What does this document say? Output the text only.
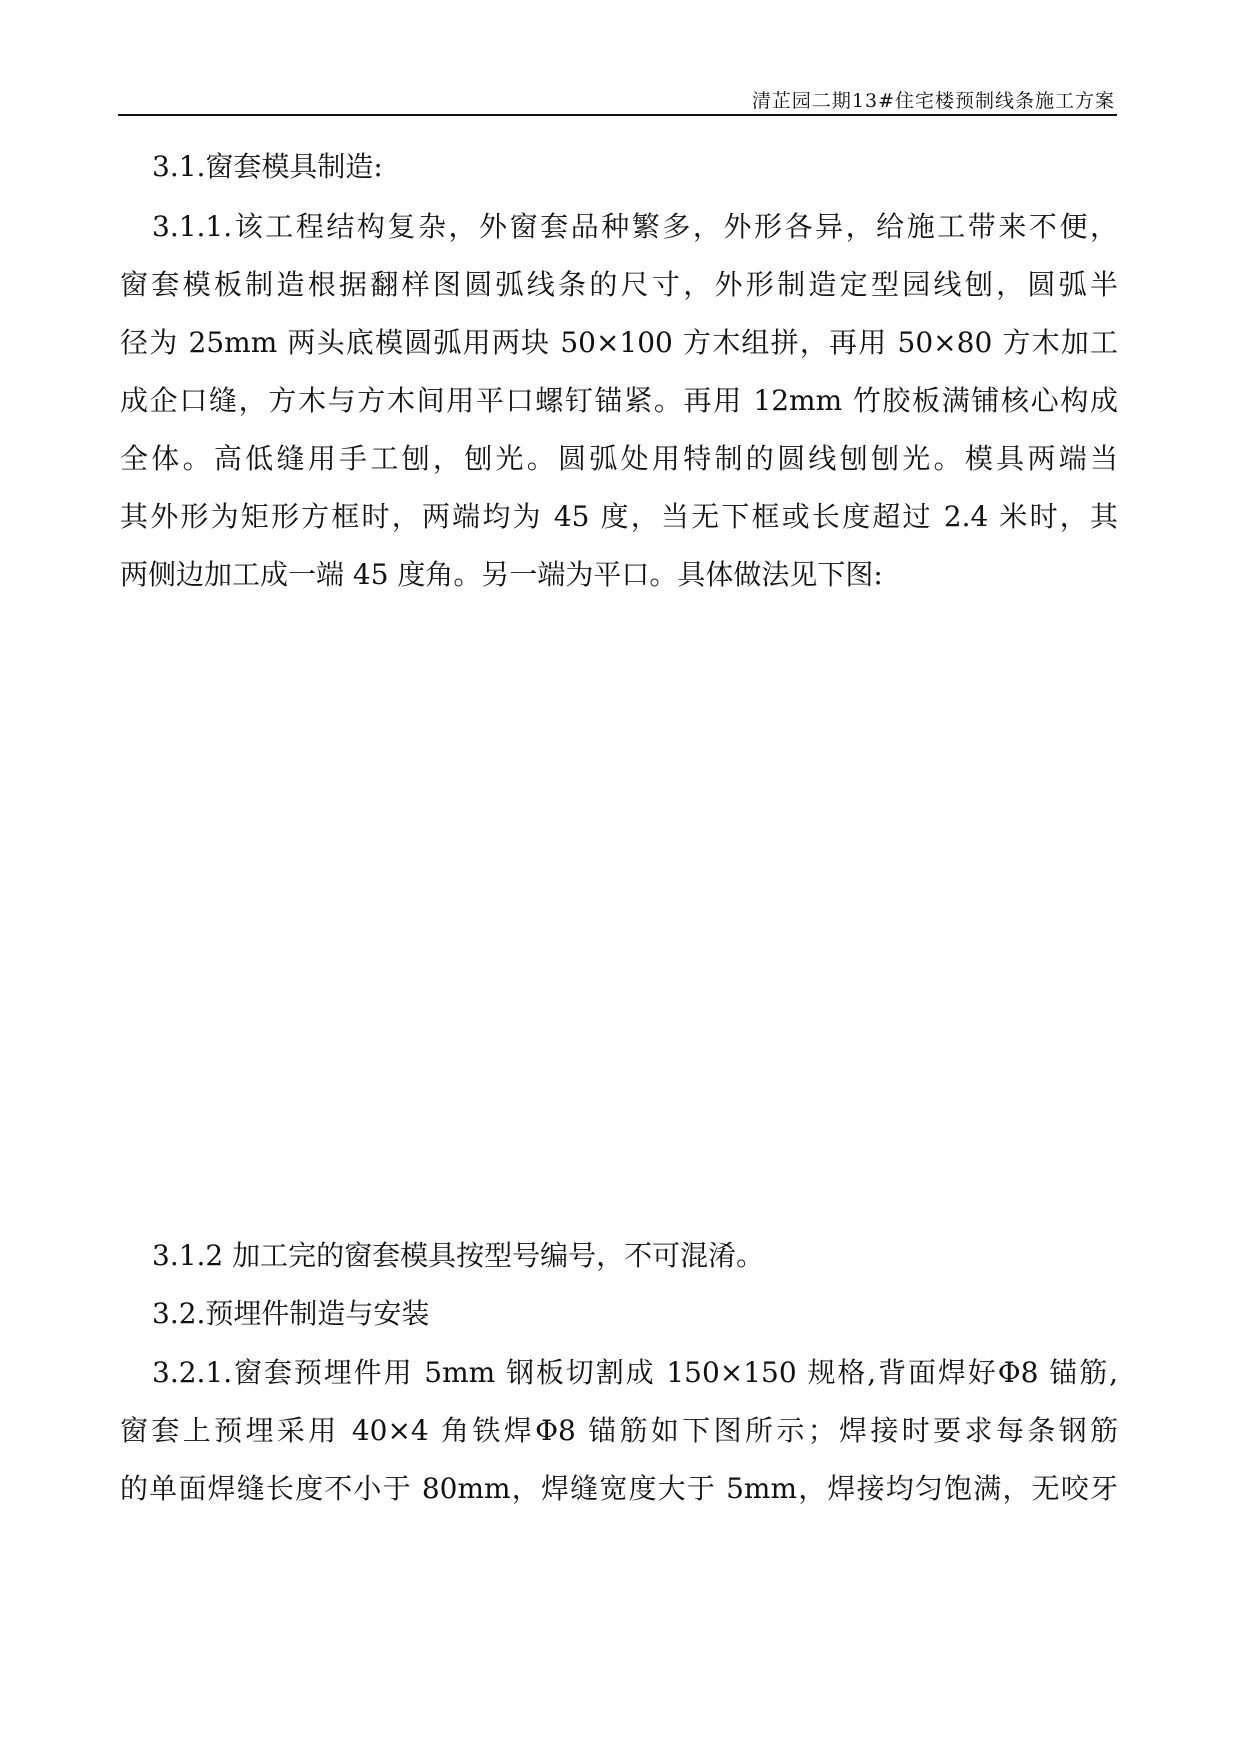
清芷园二期13#住宅楼预制线条施工方案
3.1.窗套模具制造:
3.1.1.该工程结构复杂，外窗套品种繁多，外形各异，给施工带来不便，
窗套模板制造根据翻样图圆弧线条的尺寸，外形制造定型园线刨，圆弧半
径为 25mm 两头底模圆弧用两块 50×100 方木组拼，再用 50×80 方木加工
成企口缝，方木与方木间用平口螺钉锚紧。再用 12mm 竹胶板满铺核心构成
全体。高低缝用手工刨，刨光。圆弧处用特制的圆线刨刨光。模具两端当
其外形为矩形方框时，两端均为 45 度，当无下框或长度超过 2.4 米时，其
两侧边加工成一端 45 度角。另一端为平口。具体做法见下图:
3.1.2 加工完的窗套模具按型号编号，不可混淆。
3.2.预埋件制造与安装
3.2.1.窗套预埋件用 5mm 钢板切割成 150×150 规格,背面焊好Φ8 锚筋,
窗套上预埋采用 40×4 角铁焊Φ8 锚筋如下图所示；焊接时要求每条钢筋
的单面焊缝长度不小于 80mm，焊缝宽度大于 5mm，焊接均匀饱满，无咬牙
